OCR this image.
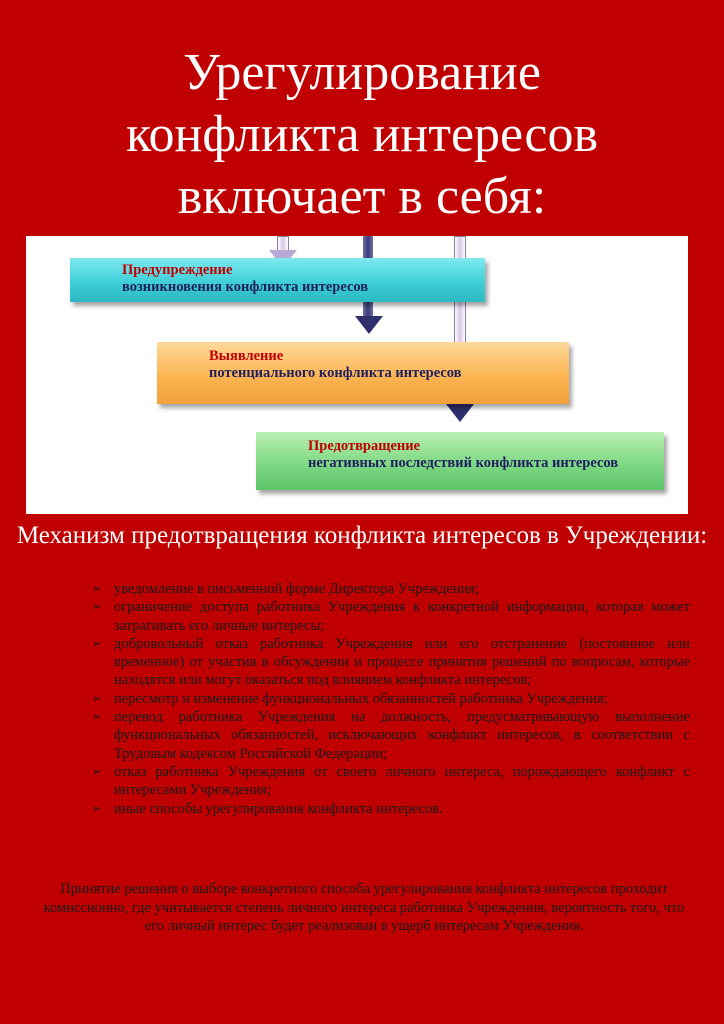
Урегулирование
конфликта интересов
включает в себя:
Предупреждение
возникновения конфликта интересов
Выявление
потенциального конфликта интересов
Предотвращение
негативных последствий конфликта интересов
Механизм предотвращения конфликта интересов в Учреждении:
➢ уведомление в письменной форме Директора Учреждения;
➢ ограничение доступа работника Учреждения к конкретной информации, которая может затрагивать его личные интересы;
➢ добровольный отказ работника Учреждения или его отстранение (постоянное или временное) от участия в обсуждении и процессе принятия решений по вопросам, которые находятся или могут оказаться под влиянием конфликта интересов;
➢ пересмотр и изменение функциональных обязанностей работника Учреждения;
➢ перевод работника Учреждения на должность, предусматривающую выполнение функциональных обязанностей, исключающих конфликт интересов, в соответствии с Трудовым кодексом Российской Федерации;
➢ отказ работника Учреждения от своего личного интереса, порождающего конфликт с интересами Учреждения;
➢ иные способы урегулирования конфликта интересов.
Принятие решения о выборе конкретного способа урегулирования конфликта интересов проходит комиссионно, где учитывается степень личного интереса работника Учреждения, вероятность того, что его личный интерес будет реализован в ущерб интересам Учреждения.
